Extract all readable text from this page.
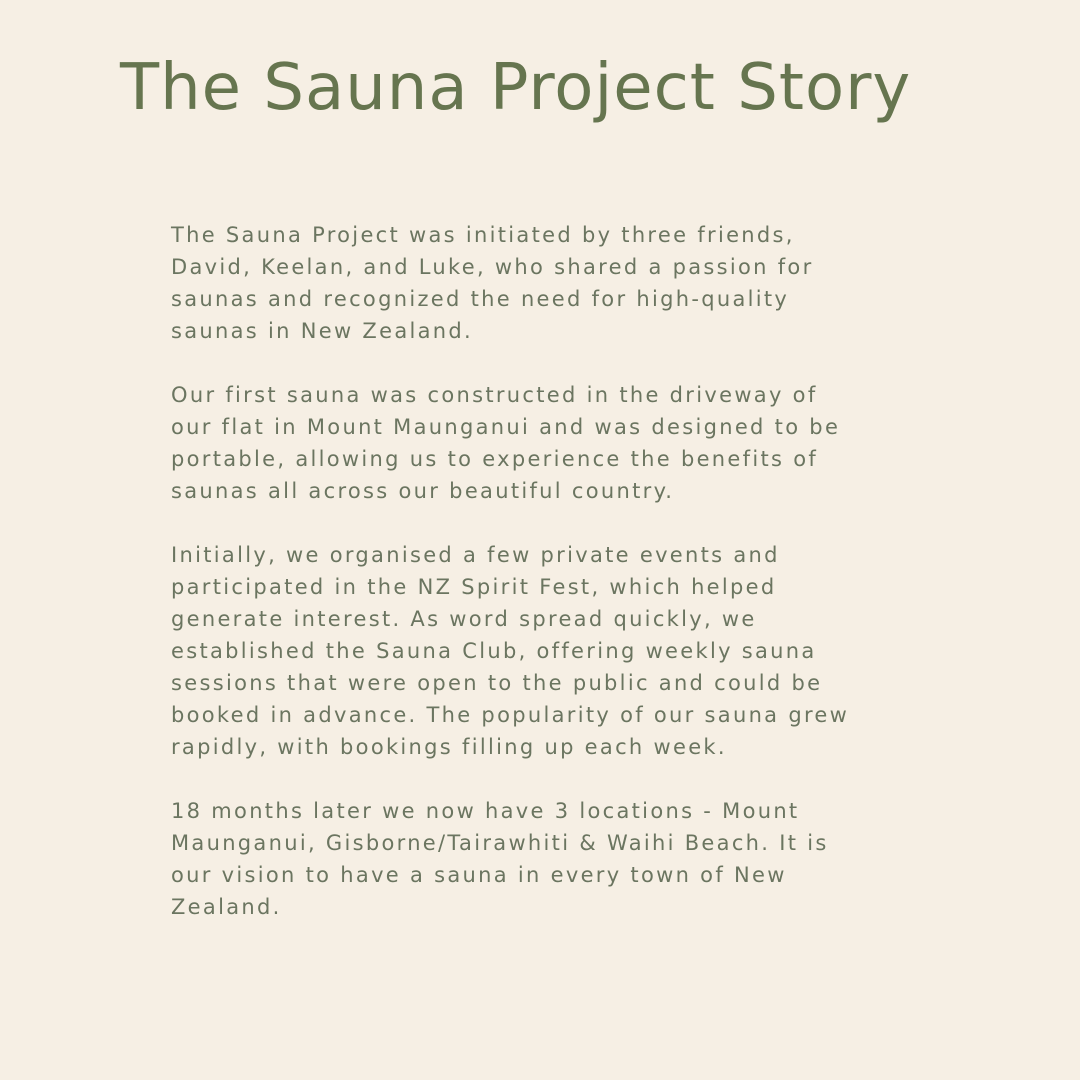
The Sauna Project Story

The Sauna Project was initiated by three friends,
David, Keelan, and Luke, who shared a passion for
saunas and recognized the need for high-quality
saunas in New Zealand.

Our first sauna was constructed in the driveway of
our flat in Mount Maunganui and was designed to be
portable, allowing us to experience the benefits of
saunas all across our beautiful country.

Initially, we organised a few private events and
participated in the NZ Spirit Fest, which helped
generate interest. As word spread quickly, we
established the Sauna Club, offering weekly sauna
sessions that were open to the public and could be
booked in advance. The popularity of our sauna grew
rapidly, with bookings filling up each week.

18 months later we now have 3 locations - Mount
Maunganui, Gisborne/Tairawhiti & Waihi Beach. It is
our vision to have a sauna in every town of New
Zealand.
